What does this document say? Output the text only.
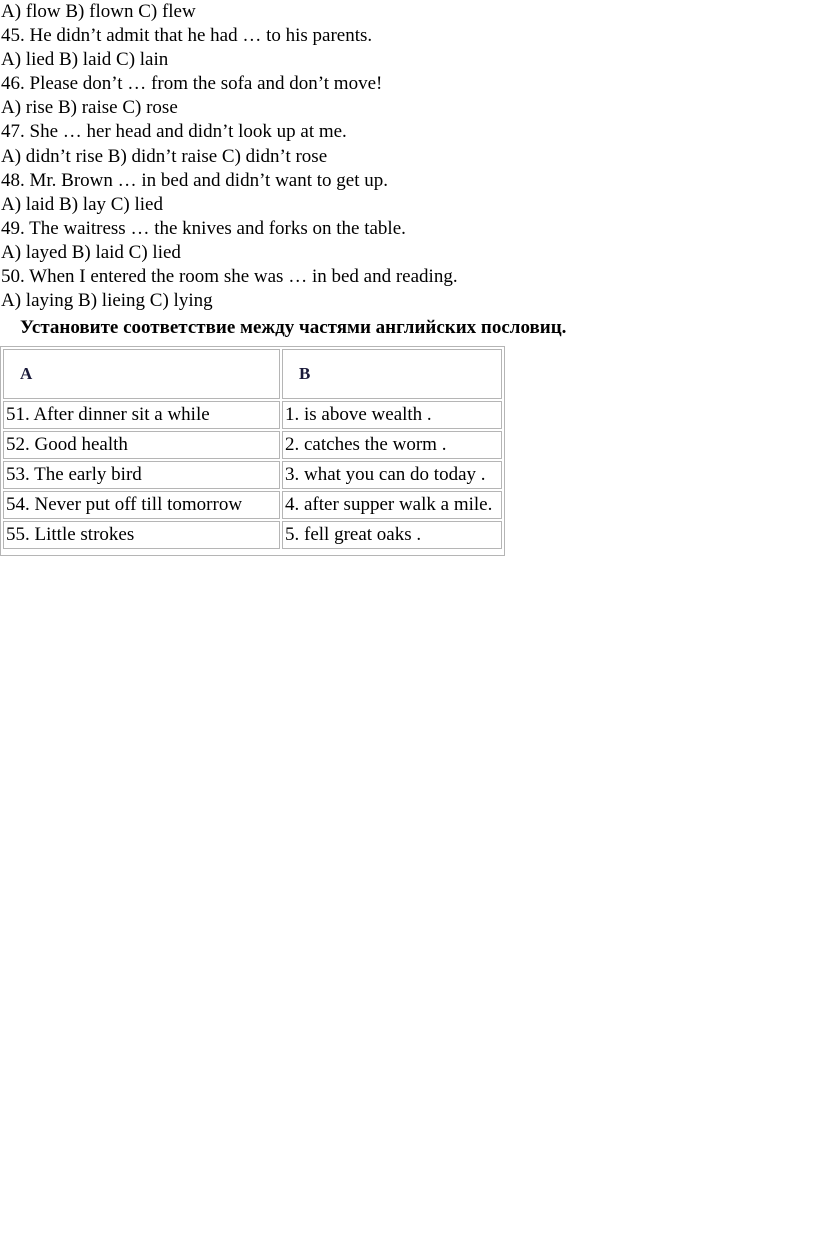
A) flow B) flown C) flew
45. He didn’t admit that he had … to his parents.
A) lied B) laid C) lain
46. Please don’t … from the sofa and don’t move!
A) rise B) raise C) rose
47. She … her head and didn’t look up at me.
A) didn’t rise B) didn’t raise C) didn’t rose
48. Mr. Brown … in bed and didn’t want to get up.
A) laid B) lay C) lied
49. The waitress … the knives and forks on the table.
A) layed B) laid C) lied
50. When I entered the room she was … in bed and reading.
A) laying B) lieing C) lying
Установите соответствие между частями английских пословиц.
А	В
51. After dinner sit a while	1. is above wealth .
52. Good health	2. catches the worm .
53. The early bird	3. what you can do today .
54. Never put off till tomorrow	4. after supper walk a mile.
55. Little strokes	5. fell great oaks .
